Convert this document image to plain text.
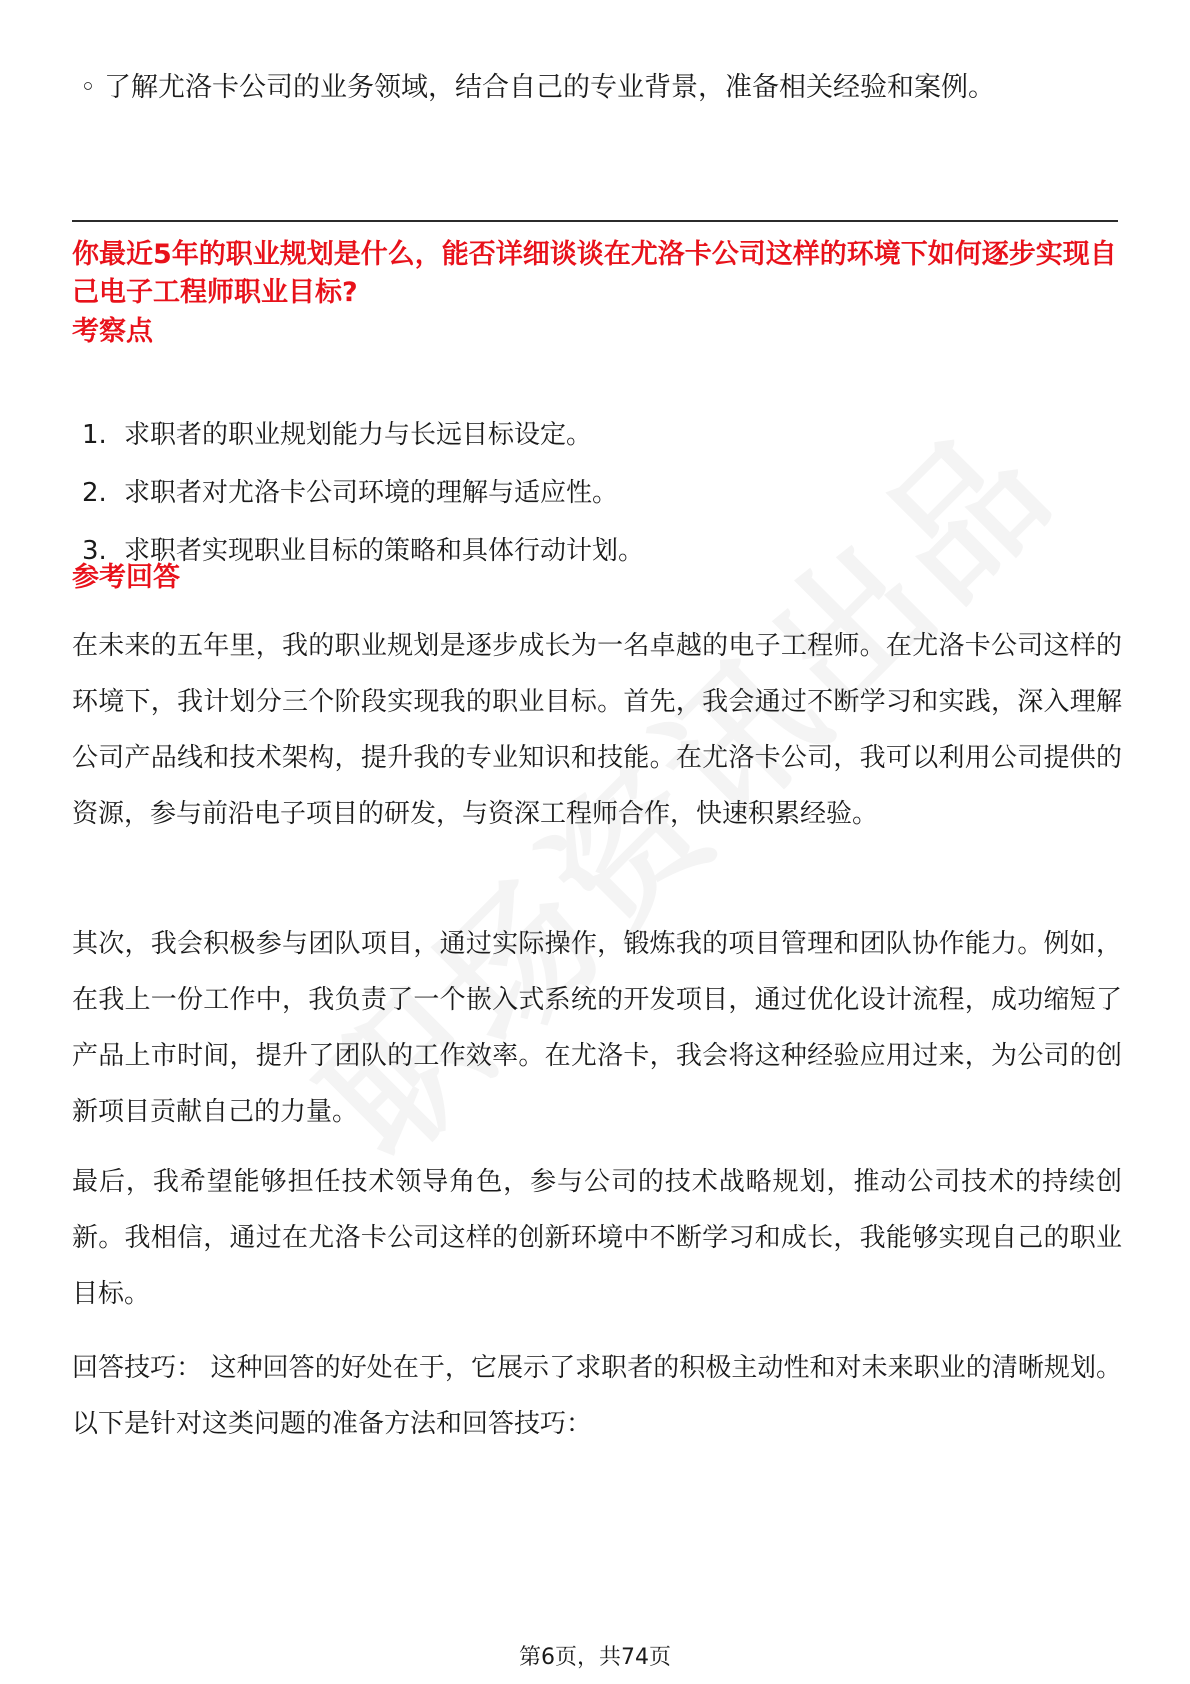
◦ 了解尤洛卡公司的业务领域，结合自己的专业背景，准备相关经验和案例。
你最近5年的职业规划是什么，能否详细谈谈在尤洛卡公司这样的环境下如何逐步实现自己电子工程师职业目标?
考察点
1. 求职者的职业规划能力与长远目标设定。
2. 求职者对尤洛卡公司环境的理解与适应性。
3. 求职者实现职业目标的策略和具体行动计划。
参考回答

在未来的五年里，我的职业规划是逐步成长为一名卓越的电子工程师。在尤洛卡公司这样的环境下，我计划分三个阶段实现我的职业目标。首先，我会通过不断学习和实践，深入理解公司产品线和技术架构，提升我的专业知识和技能。在尤洛卡公司，我可以利用公司提供的资源，参与前沿电子项目的研发，与资深工程师合作，快速积累经验。

其次，我会积极参与团队项目，通过实际操作，锻炼我的项目管理和团队协作能力。例如，在我上一份工作中，我负责了一个嵌入式系统的开发项目，通过优化设计流程，成功缩短了产品上市时间，提升了团队的工作效率。在尤洛卡，我会将这种经验应用过来，为公司的创新项目贡献自己的力量。

最后，我希望能够担任技术领导角色，参与公司的技术战略规划，推动公司技术的持续创新。我相信，通过在尤洛卡公司这样的创新环境中不断学习和成长，我能够实现自己的职业目标。

回答技巧： 这种回答的好处在于，它展示了求职者的积极主动性和对未来职业的清晰规划。以下是针对这类问题的准备方法和回答技巧：

第6页，共74页
